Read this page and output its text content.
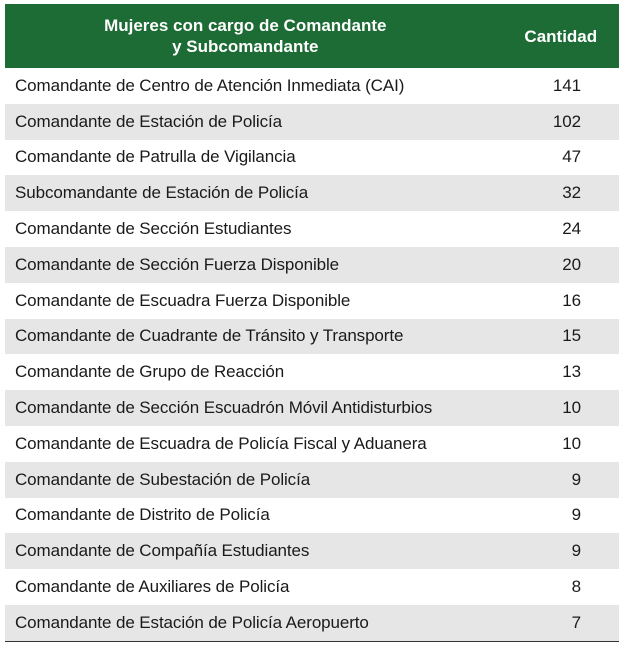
Mujeres con cargo de Comandante
y Subcomandante	Cantidad
Comandante de Centro de Atención Inmediata (CAI)	141
Comandante de Estación de Policía	102
Comandante de Patrulla de Vigilancia	47
Subcomandante de Estación de Policía	32
Comandante de Sección Estudiantes	24
Comandante de Sección Fuerza Disponible	20
Comandante de Escuadra Fuerza Disponible	16
Comandante de Cuadrante de Tránsito y Transporte	15
Comandante de Grupo de Reacción	13
Comandante de Sección Escuadrón Móvil Antidisturbios	10
Comandante de Escuadra de Policía Fiscal y Aduanera	10
Comandante de Subestación de Policía	9
Comandante de Distrito de Policía	9
Comandante de Compañía Estudiantes	9
Comandante de Auxiliares de Policía	8
Comandante de Estación de Policía Aeropuerto	7
